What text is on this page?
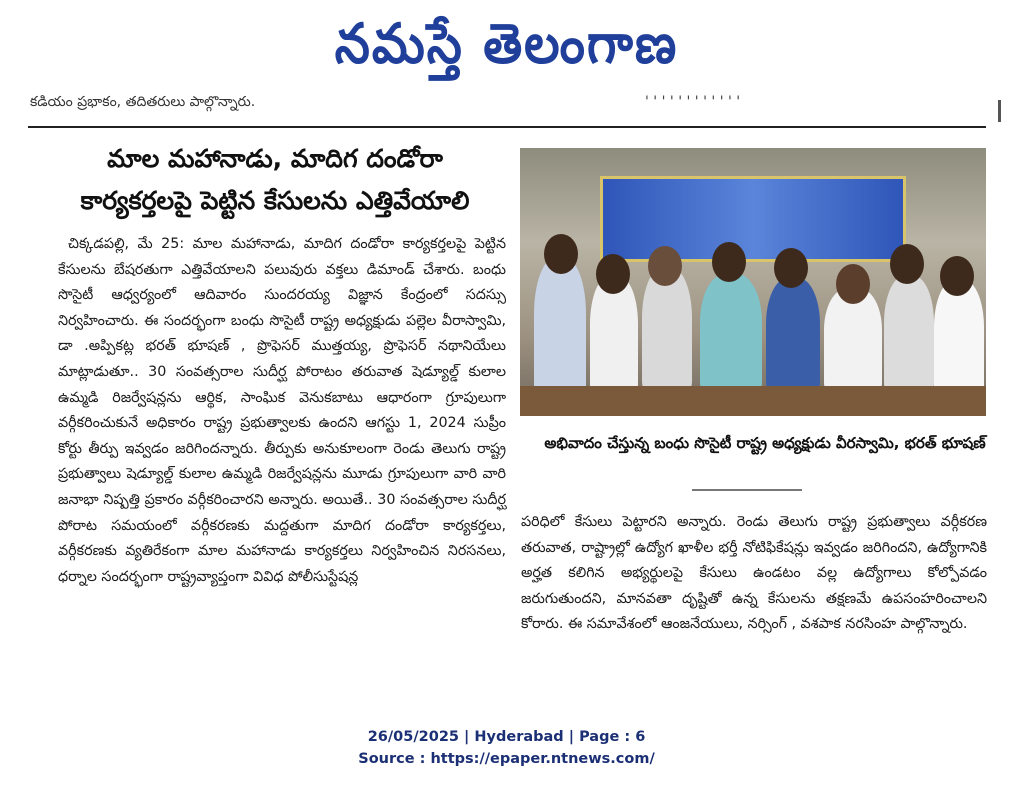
నమస్తే తెలంగాణ
కడియం ప్రభాకం, తదితరులు పాల్గొన్నారు.	' ' ' ' ' ' ' ' ' ' ' '
మాల మహానాడు, మాదిగ దండోరా
కార్యకర్తలపై పెట్టిన కేసులను ఎత్తివేయాలి

చిక్కడపల్లి, మే 25: మాల మహానాడు, మాదిగ దండోరా కార్యకర్తలపై పెట్టిన కేసులను బేషరతుగా ఎత్తివేయాలని పలువురు వక్తలు డిమాండ్ చేశారు. బంధు సొసైటీ ఆధ్వర్యంలో ఆదివారం సుందరయ్య విజ్ఞాన కేంద్రంలో సదస్సు నిర్వహించారు. ఈ సందర్భంగా బంధు సొసైటీ రాష్ట్ర అధ్యక్షుడు పల్లెల వీరాస్వామి, డా .అప్పికట్ల భరత్ భూషణ్ , ప్రొఫెసర్ ముత్తయ్య, ప్రొఫెసర్ నథానియేలు మాట్లాడుతూ.. 30 సంవత్సరాల సుదీర్ఘ పోరాటం తరువాత షెడ్యూల్డ్ కులాల ఉమ్మడి రిజర్వేషన్లను ఆర్థిక, సాంఘిక వెనుకబాటు ఆధారంగా గ్రూపులుగా వర్గీకరించుకునే అధికారం రాష్ట్ర ప్రభుత్వాలకు ఉందని ఆగస్టు 1, 2024 సుప్రీం కోర్టు తీర్పు ఇవ్వడం జరిగిందన్నారు. తీర్పుకు అనుకూలంగా రెండు తెలుగు రాష్ట్ర ప్రభుత్వాలు షెడ్యూల్డ్ కులాల ఉమ్మడి రిజర్వేషన్లను మూడు గ్రూపులుగా వారి వారి జనాభా నిష్పత్తి ప్రకారం వర్గీకరించారని అన్నారు. అయితే.. 30 సంవత్సరాల సుదీర్ఘ పోరాట సమయంలో వర్గీకరణకు మద్దతుగా మాదిగ దండోరా కార్యకర్తలు, వర్గీకరణకు వ్యతిరేకంగా మాల మహానాడు కార్యకర్తలు నిర్వహించిన నిరసనలు, ధర్నాల సందర్భంగా రాష్ట్రవ్యాప్తంగా వివిధ పోలీసుస్టేషన్ల

అభివాదం చేస్తున్న బంధు సొసైటీ రాష్ట్ర అధ్యక్షుడు వీరస్వామి, భరత్ భూషణ్

పరిధిలో కేసులు పెట్టారని అన్నారు. రెండు తెలుగు రాష్ట్ర ప్రభుత్వాలు వర్గీకరణ తరువాత, రాష్ట్రాల్లో ఉద్యోగ ఖాళీల భర్తీ నోటిఫికేషన్లు ఇవ్వడం జరిగిందని, ఉద్యోగానికి అర్హత కలిగిన అభ్యర్థులపై కేసులు ఉండటం వల్ల ఉద్యోగాలు కోల్పోవడం జరుగుతుందని, మానవతా దృష్టితో ఉన్న కేసులను తక్షణమే ఉపసంహరించాలని కోరారు. ఈ సమావేశంలో ఆంజనేయులు, నర్సింగ్ , వశపాక నరసింహ పాల్గొన్నారు.

26/05/2025 | Hyderabad | Page : 6
Source : https://epaper.ntnews.com/
